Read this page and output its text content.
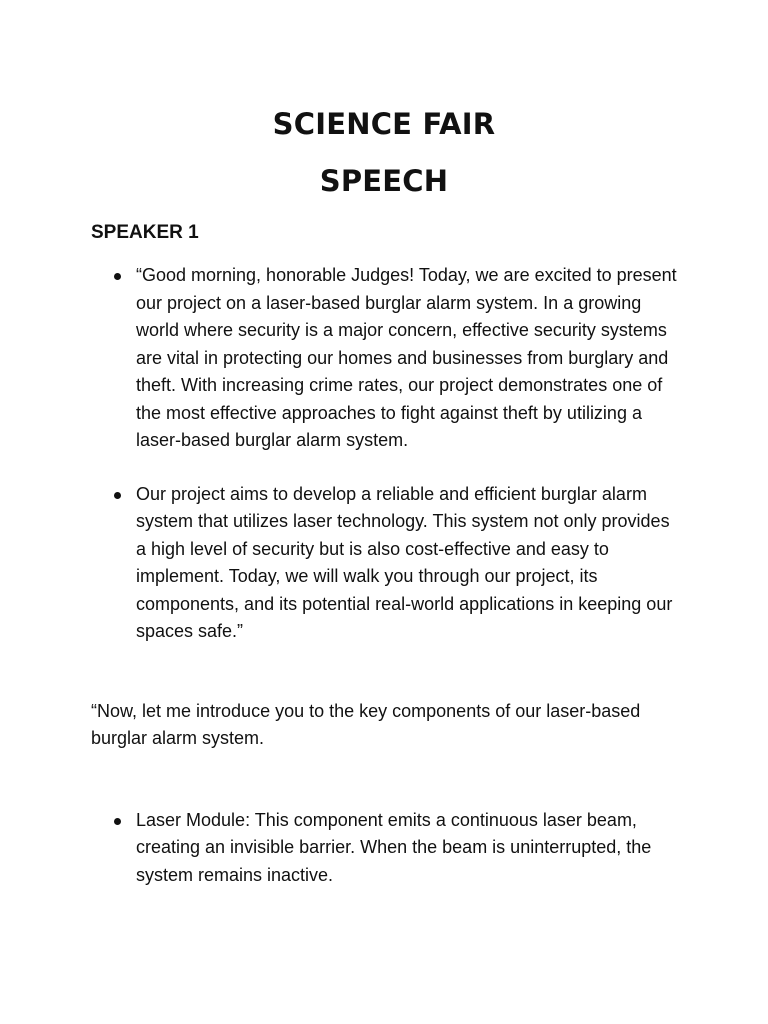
SCIENCE FAIR
SPEECH
SPEAKER 1
“Good morning, honorable Judges! Today, we are excited to present our project on a laser-based burglar alarm system. In a growing world where security is a major concern, effective security systems are vital in protecting our homes and businesses from burglary and theft. With increasing crime rates, our project demonstrates one of the most effective approaches to fight against theft by utilizing a laser-based burglar alarm system.
Our project aims to develop a reliable and efficient burglar alarm system that utilizes laser technology. This system not only provides a high level of security but is also cost-effective and easy to implement. Today, we will walk you through our project, its components, and its potential real-world applications in keeping our spaces safe.”

“Now, let me introduce you to the key components of our laser-based burglar alarm system.

Laser Module: This component emits a continuous laser beam, creating an invisible barrier. When the beam is uninterrupted, the system remains inactive.
